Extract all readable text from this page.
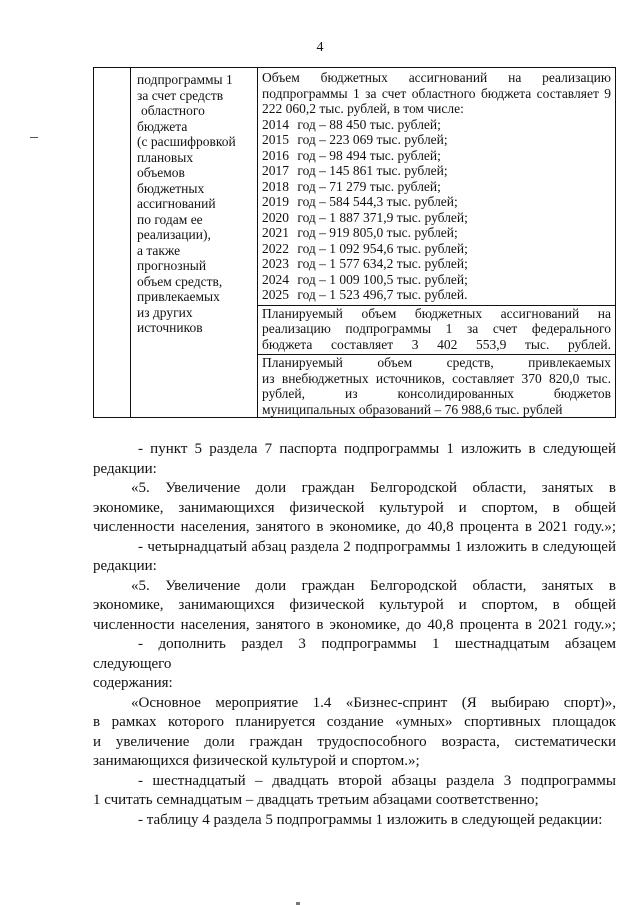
4

подпрограммы 1
за счет средств
областного
бюджета
(с расшифровкой
плановых
объемов
бюджетных
ассигнований
по годам ее
реализации),
а также
прогнозный
объем средств,
привлекаемых
из других
источников

Объем бюджетных ассигнований на реализацию
подпрограммы 1 за счет областного бюджета составляет 9
222 060,2 тыс. рублей, в том числе:
2014 год – 88 450 тыс. рублей;
2015 год – 223 069 тыс. рублей;
2016 год – 98 494 тыс. рублей;
2017 год – 145 861 тыс. рублей;
2018 год – 71 279 тыс. рублей;
2019 год – 584 544,3 тыс. рублей;
2020 год – 1 887 371,9 тыс. рублей;
2021 год – 919 805,0 тыс. рублей;
2022 год – 1 092 954,6 тыс. рублей;
2023 год – 1 577 634,2 тыс. рублей;
2024 год – 1 009 100,5 тыс. рублей;
2025 год – 1 523 496,7 тыс. рублей.
Планируемый объем бюджетных ассигнований на
реализацию подпрограммы 1 за счет федерального
бюджета составляет 3 402 553,9 тыс. рублей.
Планируемый объем средств, привлекаемых
из внебюджетных источников, составляет 370 820,0 тыс.
рублей, из консолидированных бюджетов
муниципальных образований – 76 988,6 тыс. рублей
- пункт 5 раздела 7 паспорта подпрограммы 1 изложить в следующей
редакции:
«5. Увеличение доли граждан Белгородской области, занятых в
экономике, занимающихся физической культурой и спортом, в общей
численности населения, занятого в экономике, до 40,8 процента в 2021 году.»;
- четырнадцатый абзац раздела 2 подпрограммы 1 изложить в следующей
редакции:
«5. Увеличение доли граждан Белгородской области, занятых в
экономике, занимающихся физической культурой и спортом, в общей
численности населения, занятого в экономике, до 40,8 процента в 2021 году.»;
- дополнить раздел 3 подпрограммы 1 шестнадцатым абзацем следующего
содержания:
«Основное мероприятие 1.4 «Бизнес-спринт (Я выбираю спорт)»,
в рамках которого планируется создание «умных» спортивных площадок
и увеличение доли граждан трудоспособного возраста, систематически
занимающихся физической культурой и спортом.»;
- шестнадцатый – двадцать второй абзацы раздела 3 подпрограммы
1 считать семнадцатым – двадцать третьим абзацами соответственно;
- таблицу 4 раздела 5 подпрограммы 1 изложить в следующей редакции:
